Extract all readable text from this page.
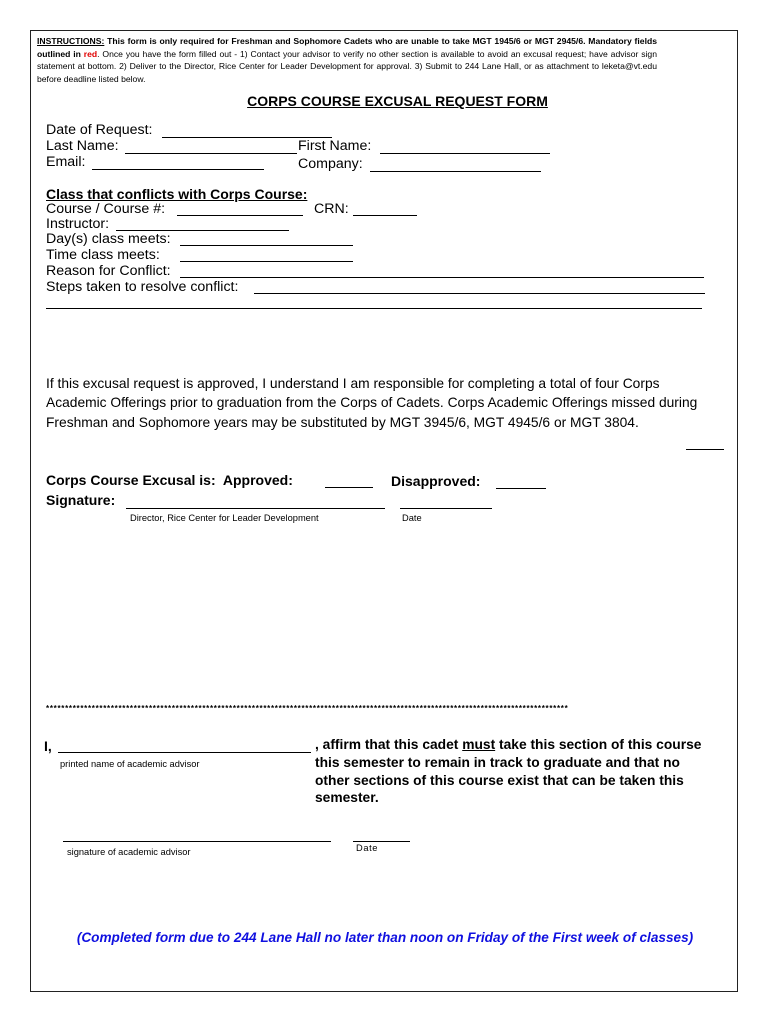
INSTRUCTIONS: This form is only required for Freshman and Sophomore Cadets who are unable to take MGT 1945/6 or MGT 2945/6. Mandatory fields outlined in red. Once you have the form filled out - 1) Contact your advisor to verify no other section is available to avoid an excusal request; have advisor sign statement at bottom. 2) Deliver to the Director, Rice Center for Leader Development for approval. 3) Submit to 244 Lane Hall, or as attachment to leketa@vt.edu before deadline listed below.
CORPS COURSE EXCUSAL REQUEST FORM
Date of Request:
Last Name:	First Name:
Email:	Company:
Class that conflicts with Corps Course:
Course / Course #:	CRN:
Instructor:
Day(s) class meets:
Time class meets:
Reason for Conflict:
Steps taken to resolve conflict:
If this excusal request is approved, I understand I am responsible for completing a total of four Corps Academic Offerings prior to graduation from the Corps of Cadets. Corps Academic Offerings missed during Freshman and Sophomore years may be substituted by MGT 3945/6, MGT 4945/6 or MGT 3804.
Corps Course Excusal is: Approved:	Disapproved:
Signature:
Director, Rice Center for Leader Development	Date
*****************************************************************************************************************************************
I,
printed name of academic advisor
, affirm that this cadet must take this section of this course this semester to remain in track to graduate and that no other sections of this course exist that can be taken this semester.
signature of academic advisor	Date
(Completed form due to 244 Lane Hall no later than noon on Friday of the First week of classes)
